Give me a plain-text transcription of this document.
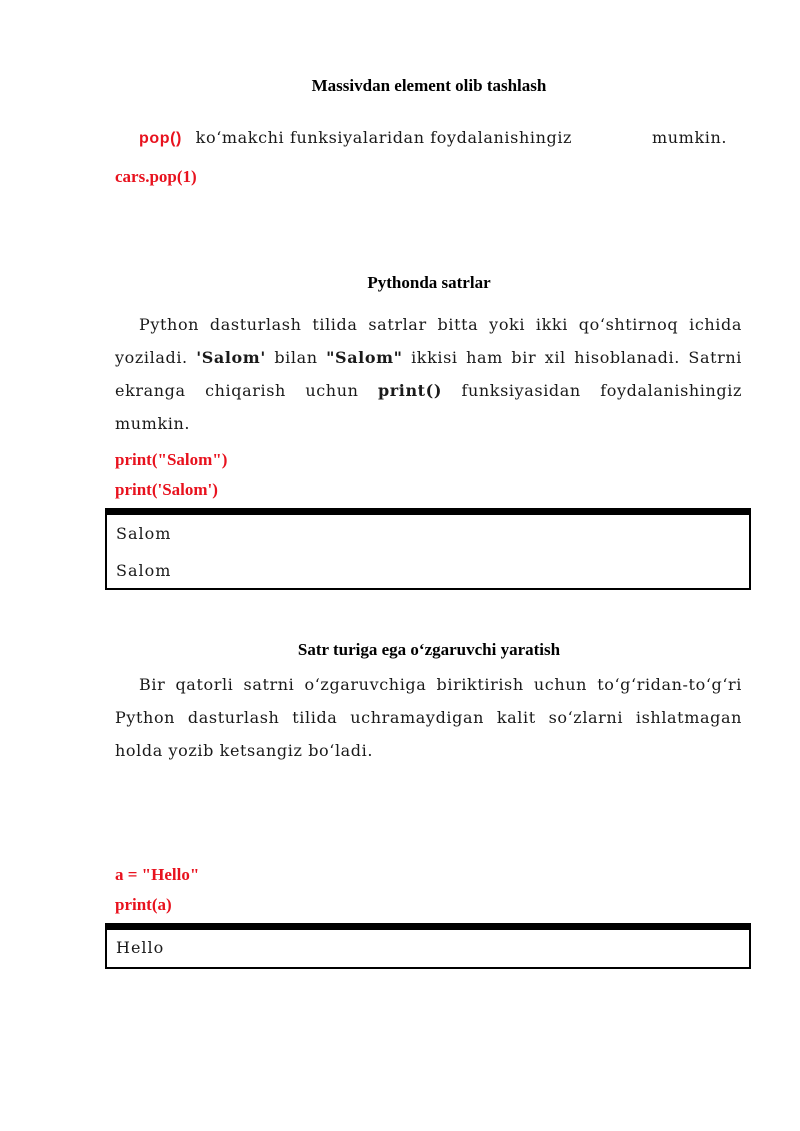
Massivdan element olib tashlash
pop() ko‘makchi funksiyalaridan foydalanishingiz	mumkin.
cars.pop(1)
Pythonda satrlar
Python dasturlash tilida satrlar bitta yoki ikki qo‘shtirnoq ichida yoziladi. 'Salom' bilan "Salom" ikkisi ham bir xil hisoblanadi. Satrni ekranga chiqarish uchun print() funksiyasidan foydalanishingiz mumkin.
print("Salom")
print('Salom')
Salom
Salom
Satr turiga ega o‘zgaruvchi yaratish
Bir qatorli satrni o‘zgaruvchiga biriktirish uchun to‘g‘ridan-to‘g‘ri Python dasturlash tilida uchramaydigan kalit so‘zlarni ishlatmagan holda yozib ketsangiz bo‘ladi.
a = "Hello"
print(a)
Hello
